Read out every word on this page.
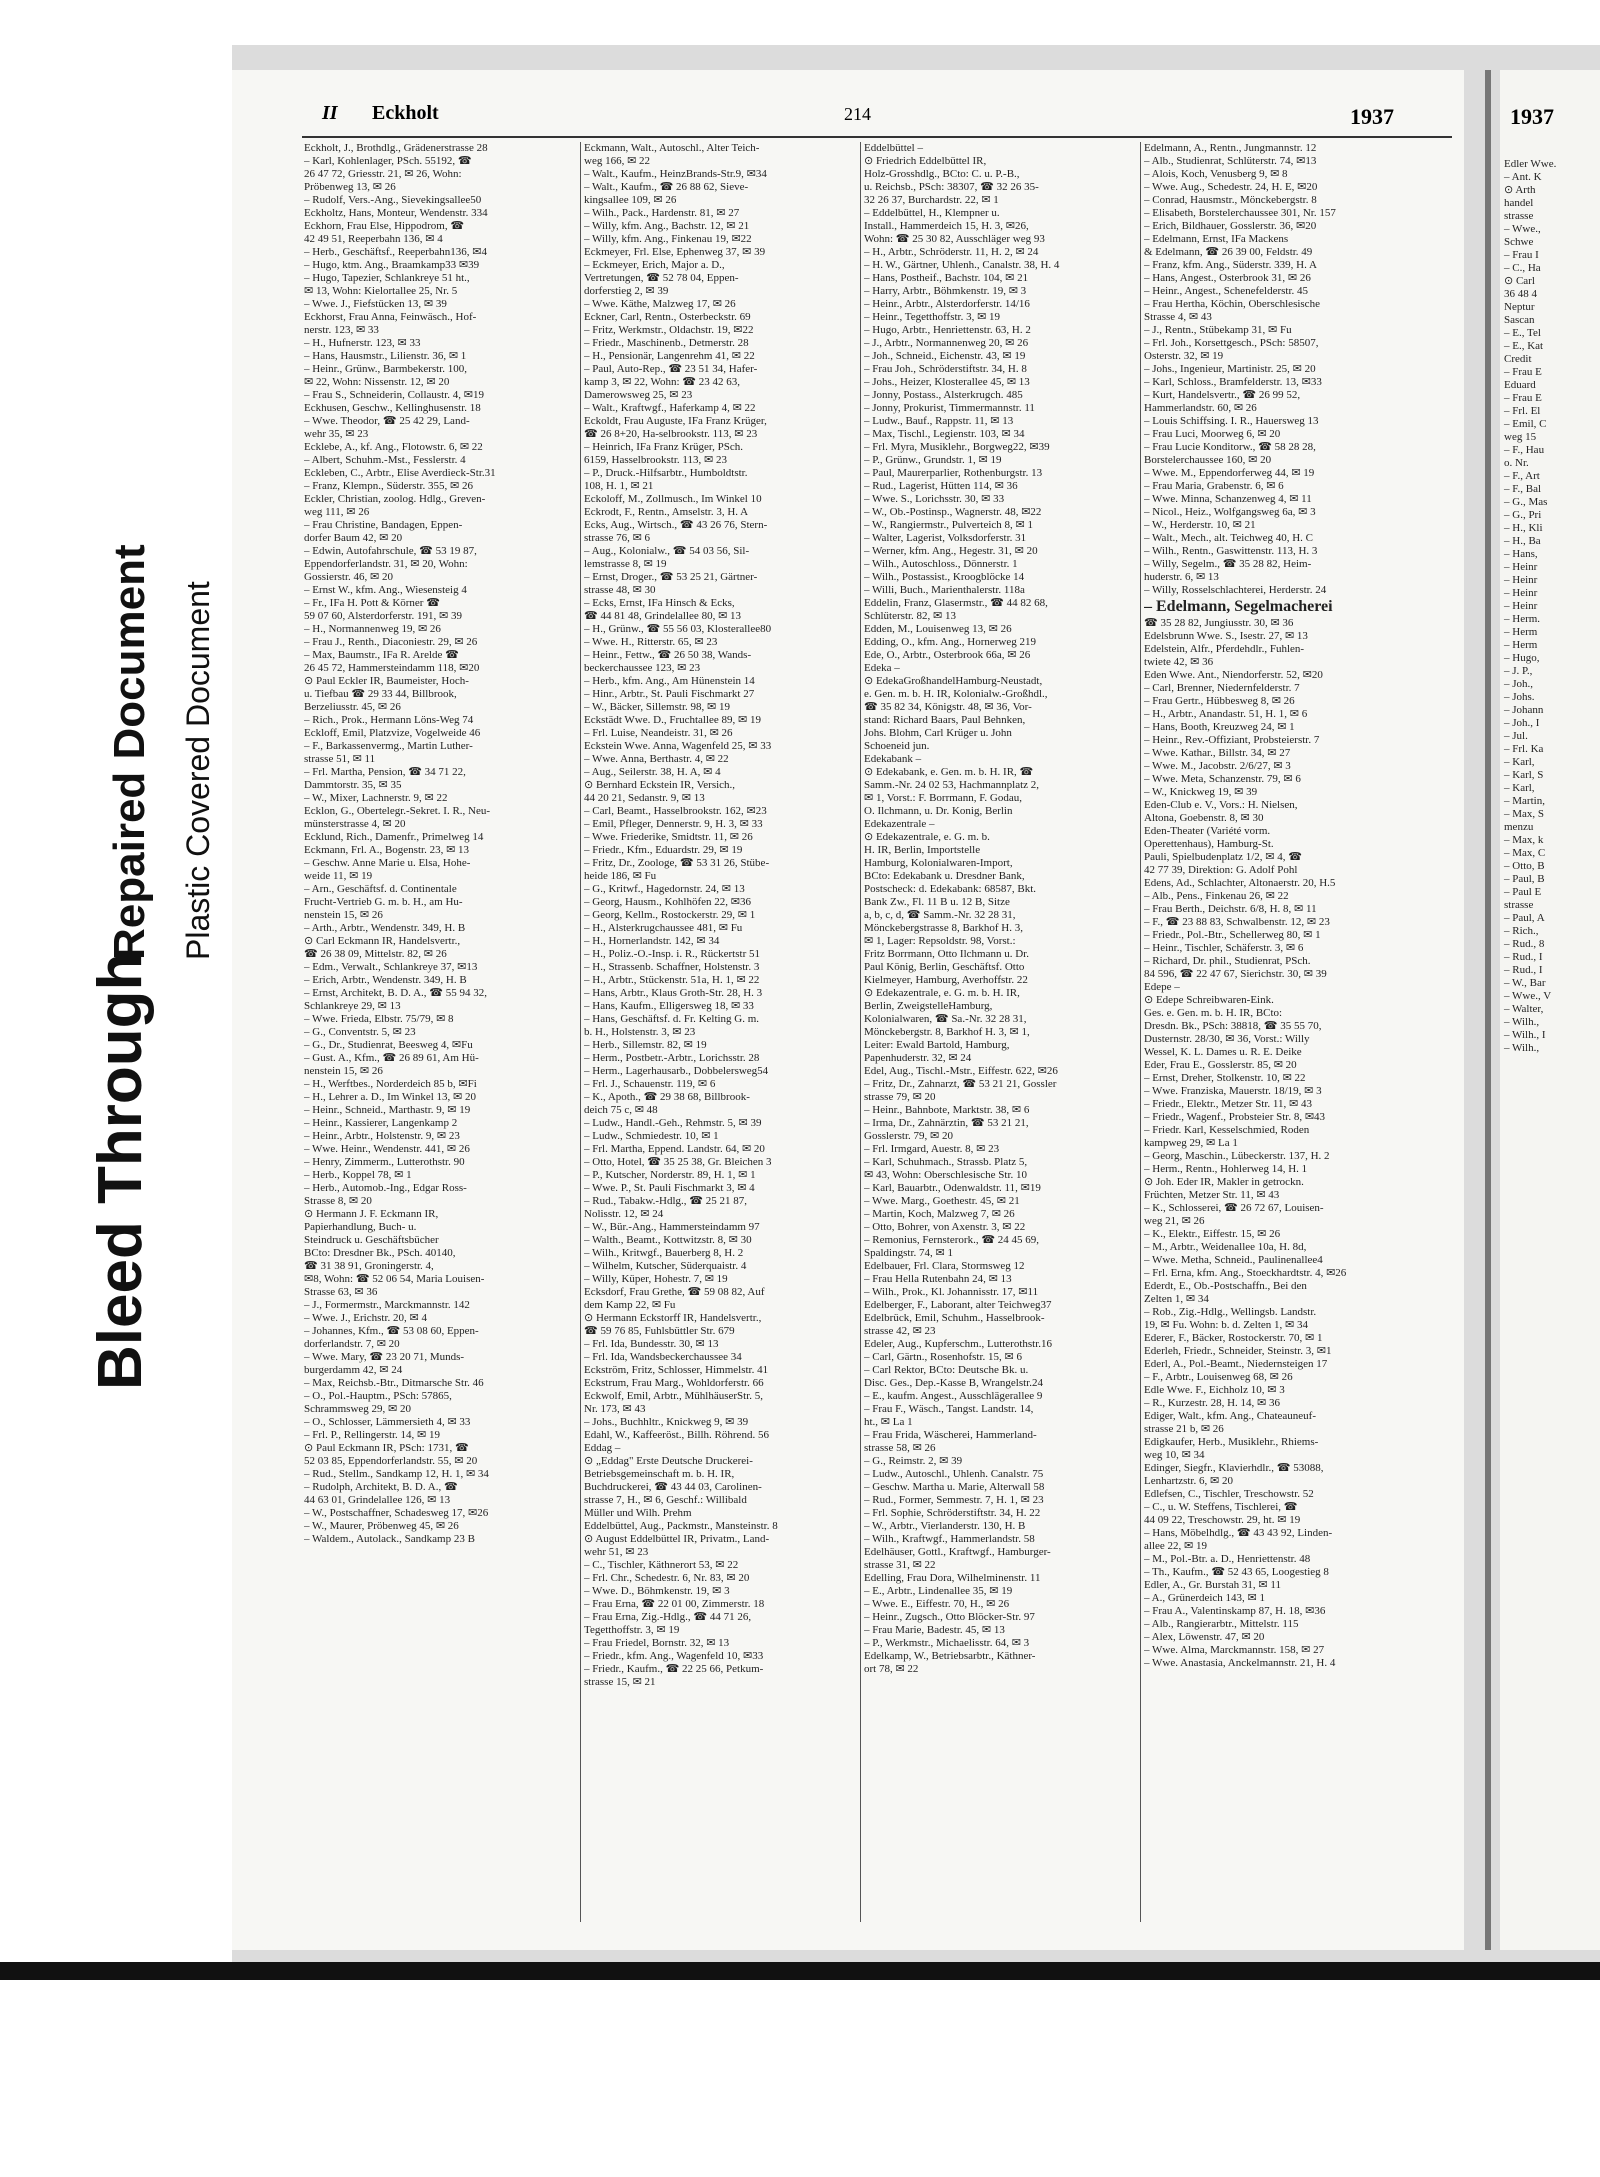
Bleed Through
Repaired Document Plastic Covered Document
II Eckholt	214	1937
Eckholt, J., Brothdlg., Grädenerstrasse 28
– Karl, Kohlenlager, PSch. 55192, ☎
26 47 72, Griesstr. 21, ✉ 26, Wohn:
Pröbenweg 13, ✉ 26
– Rudolf, Vers.-Ang., Sievekingsallee50
Eckholtz, Hans, Monteur, Wendenstr. 334
Eckhorn, Frau Else, Hippodrom, ☎
42 49 51, Reeperbahn 136, ✉ 4
– Herb., Geschäftsf., Reeperbahn136, ✉4
– Hugo, ktm. Ang., Braamkamp33 ✉39
– Hugo, Tapezier, Schlankreye 51 ht.,
✉ 13, Wohn: Kielortallee 25, Nr. 5
– Wwe. J., Fiefstücken 13, ✉ 39
Eckhorst, Frau Anna, Feinwäsch., Hof-
nerstr. 123, ✉ 33
– H., Hufnerstr. 123, ✉ 33
– Hans, Hausmstr., Lilienstr. 36, ✉ 1
– Heinr., Grünw., Barmbekerstr. 100,
✉ 22, Wohn: Nissenstr. 12, ✉ 20
– Frau S., Schneiderin, Collaustr. 4, ✉19
Eckhusen, Geschw., Kellinghusenstr. 18
– Wwe. Theodor, ☎ 25 42 29, Land-
wehr 35, ✉ 23
Ecklebe, A., kf. Ang., Flotowstr. 6, ✉ 22
– Albert, Schuhm.-Mst., Fesslerstr. 4
Eckleben, C., Arbtr., Elise Averdieck-Str.31
– Franz, Klempn., Süderstr. 355, ✉ 26
Eckler, Christian, zoolog. Hdlg., Greven-
weg 111, ✉ 26
– Frau Christine, Bandagen, Eppen-
dorfer Baum 42, ✉ 20
– Edwin, Autofahrschule, ☎ 53 19 87,
Eppendorferlandstr. 31, ✉ 20, Wohn:
Gossierstr. 46, ✉ 20
– Ernst W., kfm. Ang., Wiesensteig 4
– Fr., IFa H. Pott & Körner ☎
59 07 60, Alsterdorferstr. 191, ✉ 39
– H., Normannenweg 19, ✉ 26
– Frau J., Renth., Diaconiestr. 29, ✉ 26
– Max, Baumstr., IFa R. Arelde ☎
26 45 72, Hammersteindamm 118, ✉20
⊙ Paul Eckler IR, Baumeister, Hoch-
u. Tiefbau ☎ 29 33 44, Billbrook,
Berzeliusstr. 45, ✉ 26
– Rich., Prok., Hermann Löns-Weg 74
Eckloff, Emil, Platzvize, Vogelweide 46
– F., Barkassenvermg., Martin Luther-
strasse 51, ✉ 11
– Frl. Martha, Pension, ☎ 34 71 22,
Dammtorstr. 35, ✉ 35
– W., Mixer, Lachnerstr. 9, ✉ 22
Ecklon, G., Obertelegr.-Sekret. I. R., Neu-
münsterstrasse 4, ✉ 20
Ecklund, Rich., Damenfr., Primelweg 14
Eckmann, Frl. A., Bogenstr. 23, ✉ 13
– Geschw. Anne Marie u. Elsa, Hohe-
weide 11, ✉ 19
– Arn., Geschäftsf. d. Continentale
Frucht-Vertrieb G. m. b. H., am Hu-
nenstein 15, ✉ 26
– Arth., Arbtr., Wendenstr. 349, H. B
⊙ Carl Eckmann IR, Handelsvertr.,
☎ 26 38 09, Mittelstr. 82, ✉ 26
– Edm., Verwalt., Schlankreye 37, ✉13
– Erich, Arbtr., Wendenstr. 349, H. B
– Ernst, Architekt, B. D. A., ☎ 55 94 32,
Schlankreye 29, ✉ 13
– Wwe. Frieda, Elbstr. 75/79, ✉ 8
– G., Conventstr. 5, ✉ 23
– G., Dr., Studienrat, Beesweg 4, ✉Fu
– Gust. A., Kfm., ☎ 26 89 61, Am Hü-
nenstein 15, ✉ 26
– H., Werftbes., Norderdeich 85 b, ✉Fi
– H., Lehrer a. D., Im Winkel 13, ✉ 20
– Heinr., Schneid., Marthastr. 9, ✉ 19
– Heinr., Kassierer, Langenkamp 2
– Heinr., Arbtr., Holstenstr. 9, ✉ 23
– Wwe. Heinr., Wendenstr. 441, ✉ 26
– Henry, Zimmerm., Lutterothstr. 90
– Herb., Koppel 78, ✉ 1
– Herb., Automob.-Ing., Edgar Ross-
Strasse 8, ✉ 20
⊙ Hermann J. F. Eckmann IR,
Papierhandlung, Buch- u.
Steindruck u. Geschäftsbücher
BCto: Dresdner Bk., PSch. 40140,
☎ 31 38 91, Groningerstr. 4,
✉8, Wohn: ☎ 52 06 54, Maria Louisen-
Strasse 63, ✉ 36
– J., Formermstr., Marckmannstr. 142
– Wwe. J., Erichstr. 20, ✉ 4
– Johannes, Kfm., ☎ 53 08 60, Eppen-
dorferlandstr. 7, ✉ 20
– Wwe. Mary, ☎ 23 20 71, Munds-
burgerdamm 42, ✉ 24
– Max, Reichsb.-Btr., Ditmarsche Str. 46
– O., Pol.-Hauptm., PSch: 57865,
Schrammsweg 29, ✉ 20
– O., Schlosser, Lämmersieth 4, ✉ 33
– Frl. P., Rellingerstr. 14, ✉ 19
⊙ Paul Eckmann IR, PSch: 1731, ☎
52 03 85, Eppendorferlandstr. 55, ✉ 20
– Rud., Stellm., Sandkamp 12, H. 1, ✉ 34
– Rudolph, Architekt, B. D. A., ☎
44 63 01, Grindelallee 126, ✉ 13
– W., Postschaffner, Schadesweg 17, ✉26
– W., Maurer, Pröbenweg 45, ✉ 26
– Waldem., Autolack., Sandkamp 23 B
Eckmann, Walt., Autoschl., Alter Teich-
weg 166, ✉ 22
– Walt., Kaufm., HeinzBrands-Str.9, ✉34
– Walt., Kaufm., ☎ 26 88 62, Sieve-
kingsallee 109, ✉ 26
– Wilh., Pack., Hardenstr. 81, ✉ 27
– Willy, kfm. Ang., Bachstr. 12, ✉ 21
– Willy, kfm. Ang., Finkenau 19, ✉22
Eckmeyer, Frl. Else, Ephenweg 37, ✉ 39
– Eckmeyer, Erich, Major a. D.,
Vertretungen, ☎ 52 78 04, Eppen-
dorferstieg 2, ✉ 39
– Wwe. Käthe, Malzweg 17, ✉ 26
Eckner, Carl, Rentn., Osterbeckstr. 69
– Fritz, Werkmstr., Oldachstr. 19, ✉22
– Friedr., Maschinenb., Detmerstr. 28
– H., Pensionär, Langenrehm 41, ✉ 22
– Paul, Auto-Rep., ☎ 23 51 34, Hafer-
kamp 3, ✉ 22, Wohn: ☎ 23 42 63,
Damerowsweg 25, ✉ 23
– Walt., Kraftwgf., Haferkamp 4, ✉ 22
Eckoldt, Frau Auguste, IFa Franz Krüger,
☎ 26 8+20, Ha-selbrookstr. 113, ✉ 23
– Heinrich, IFa Franz Krüger, PSch.
6159, Hasselbrookstr. 113, ✉ 23
– P., Druck.-Hilfsarbtr., Humboldtstr.
108, H. 1, ✉ 21
Eckoloff, M., Zollmusch., Im Winkel 10
Eckrodt, F., Rentn., Amselstr. 3, H. A
Ecks, Aug., Wirtsch., ☎ 43 26 76, Stern-
strasse 76, ✉ 6
– Aug., Kolonialw., ☎ 54 03 56, Sil-
lemstrasse 8, ✉ 19
– Ernst, Droger., ☎ 53 25 21, Gärtner-
strasse 48, ✉ 30
– Ecks, Ernst, IFa Hinsch & Ecks,
☎ 44 81 48, Grindelallee 80, ✉ 13
– H., Grünw., ☎ 55 56 03, Klosterallee80
– Wwe. H., Ritterstr. 65, ✉ 23
– Heinr., Fettw., ☎ 26 50 38, Wands-
beckerchaussee 123, ✉ 23
– Herb., kfm. Ang., Am Hünenstein 14
– Hinr., Arbtr., St. Pauli Fischmarkt 27
– W., Bäcker, Sillemstr. 98, ✉ 19
Eckstädt Wwe. D., Fruchtallee 89, ✉ 19
– Frl. Luise, Neandeistr. 31, ✉ 26
Eckstein Wwe. Anna, Wagenfeld 25, ✉ 33
– Wwe. Anna, Berthastr. 4, ✉ 22
– Aug., Seilerstr. 38, H. A, ✉ 4
⊙ Bernhard Eckstein IR, Versich.,
44 20 21, Sedanstr. 9, ✉ 13
– Carl, Beamt., Hasselbrookstr. 162, ✉23
– Emil, Pfleger, Dennerstr. 9, H. 3, ✉ 33
– Wwe. Friederike, Smidtstr. 11, ✉ 26
– Friedr., Kfm., Eduardstr. 29, ✉ 19
– Fritz, Dr., Zoologe, ☎ 53 31 26, Stübe-
heide 186, ✉ Fu
– G., Kritwf., Hagedornstr. 24, ✉ 13
– Georg, Hausm., Kohlhöfen 22, ✉36
– Georg, Kellm., Rostockerstr. 29, ✉ 1
– H., Alsterkrugchaussee 481, ✉ Fu
– H., Hornerlandstr. 142, ✉ 34
– H., Poliz.-O.-Insp. i. R., Rückertstr 51
– H., Strassenb. Schaffner, Holstenstr. 3
– H., Arbtr., Stückenstr. 51a, H. 1, ✉ 22
– Hans, Arbtr., Klaus Groth-Str. 28, H. 3
– Hans, Kaufm., Elligersweg 18, ✉ 33
– Hans, Geschäftsf. d. Fr. Kelting G. m.
b. H., Holstenstr. 3, ✉ 23
– Herb., Sillemstr. 82, ✉ 19
– Herm., Postbetr.-Arbtr., Lorichsstr. 28
– Herm., Lagerhausarb., Dobbelersweg54
– Frl. J., Schauenstr. 119, ✉ 6
– K., Apoth., ☎ 29 38 68, Billbrook-
deich 75 c, ✉ 48
– Ludw., Handl.-Geh., Rehmstr. 5, ✉ 39
– Ludw., Schmiedestr. 10, ✉ 1
– Frl. Martha, Eppend. Landstr. 64, ✉ 20
– Otto, Hotel, ☎ 35 25 38, Gr. Bleichen 3
– P., Kutscher, Norderstr. 89, H. 1, ✉ 1
– Wwe. P., St. Pauli Fischmarkt 3, ✉ 4
– Rud., Tabakw.-Hdlg., ☎ 25 21 87,
Nolisstr. 12, ✉ 24
– W., Bür.-Ang., Hammersteindamm 97
– Walth., Beamt., Kottwitzstr. 8, ✉ 30
– Wilh., Kritwgf., Bauerberg 8, H. 2
– Wilhelm, Kutscher, Süderquaistr. 4
– Willy, Küper, Hohestr. 7, ✉ 19
Ecksdorf, Frau Grethe, ☎ 59 08 82, Auf
dem Kamp 22, ✉ Fu
⊙ Hermann Eckstorff IR, Handelsvertr.,
☎ 59 76 85, Fuhlsbüttler Str. 679
– Frl. Ida, Bundesstr. 30, ✉ 13
– Frl. Ida, Wandsbeckerchaussee 34
Eckström, Fritz, Schlosser, Himmelstr. 41
Eckstrum, Frau Marg., Wohldorferstr. 66
Eckwolf, Emil, Arbtr., MühlhäuserStr. 5,
Nr. 173, ✉ 43
– Johs., Buchhltr., Knickweg 9, ✉ 39
Edahl, W., Kaffeeröst., Billh. Röhrend. 56
Eddag –
⊙ „Eddag" Erste Deutsche Druckerei-
Betriebsgemeinschaft m. b. H. IR,
Buchdruckerei, ☎ 43 44 03, Carolinen-
strasse 7, H., ✉ 6, Geschf.: Willibald
Müller und Wilh. Prehm
Eddelbüttel, Aug., Packmstr., Mansteinstr. 8
⊙ August Eddelbüttel IR, Privatm., Land-
wehr 51, ✉ 23
– C., Tischler, Käthnerort 53, ✉ 22
– Frl. Chr., Schedestr. 6, Nr. 83, ✉ 20
– Wwe. D., Böhmkenstr. 19, ✉ 3
– Frau Erna, ☎ 22 01 00, Zimmerstr. 18
– Frau Erna, Zig.-Hdlg., ☎ 44 71 26,
Tegetthoffstr. 3, ✉ 19
– Frau Friedel, Bornstr. 32, ✉ 13
– Friedr., kfm. Ang., Wagenfeld 10, ✉33
– Friedr., Kaufm., ☎ 22 25 66, Petkum-
strasse 15, ✉ 21
Eddelbüttel –
⊙ Friedrich Eddelbüttel IR,
Holz-Grosshdlg., BCto: C. u. P.-B.,
u. Reichsb., PSch: 38307, ☎ 32 26 35-
32 26 37, Burchardstr. 22, ✉ 1
– Eddelbüttel, H., Klempner u.
Install., Hammerdeich 15, H. 3, ✉26,
Wohn: ☎ 25 30 82, Ausschläger weg 93
– H., Arbtr., Schröderstr. 11, H. 2, ✉ 24
– H. W., Gärtner, Uhlenh., Canalstr. 38, H. 4
– Hans, Postheif., Bachstr. 104, ✉ 21
– Harry, Arbtr., Böhmkenstr. 19, ✉ 3
– Heinr., Arbtr., Alsterdorferstr. 14/16
– Heinr., Tegetthoffstr. 3, ✉ 19
– Hugo, Arbtr., Henriettenstr. 63, H. 2
– J., Arbtr., Normannenweg 20, ✉ 26
– Joh., Schneid., Eichenstr. 43, ✉ 19
– Frau Joh., Schröderstiftstr. 34, H. 8
– Johs., Heizer, Klosterallee 45, ✉ 13
– Jonny, Postass., Alsterkrugch. 485
– Jonny, Prokurist, Timmermannstr. 11
– Ludw., Bauf., Rappstr. 11, ✉ 13
– Max, Tischl., Legienstr. 103, ✉ 34
– Frl. Myra, Musiklehr., Borgweg22, ✉39
– P., Grünw., Grundstr. 1, ✉ 19
– Paul, Maurerparlier, Rothenburgstr. 13
– Rud., Lagerist, Hütten 114, ✉ 36
– Wwe. S., Lorichsstr. 30, ✉ 33
– W., Ob.-Postinsp., Wagnerstr. 48, ✉22
– W., Rangiermstr., Pulverteich 8, ✉ 1
– Walter, Lagerist, Volksdorferstr. 31
– Werner, kfm. Ang., Hegestr. 31, ✉ 20
– Wilh., Autoschloss., Dönnerstr. 1
– Wilh., Postassist., Kroogblöcke 14
– Willi, Buch., Marienthalerstr. 118a
Eddelin, Franz, Glasermstr., ☎ 44 82 68,
Schlüterstr. 82, ✉ 13
Edden, M., Louisenweg 13, ✉ 26
Edding, O., kfm. Ang., Hornerweg 219
Ede, O., Arbtr., Osterbrook 66a, ✉ 26
Edeka –
⊙ EdekaGroßhandelHamburg-Neustadt,
e. Gen. m. b. H. IR, Kolonialw.-Großhdl.,
☎ 35 82 34, Königstr. 48, ✉ 36, Vor-
stand: Richard Baars, Paul Behnken,
Johs. Blohm, Carl Krüger u. John
Schoeneid jun.
Edekabank –
⊙ Edekabank, e. Gen. m. b. H. IR, ☎
Samm.-Nr. 24 02 53, Hachmannplatz 2,
✉ 1, Vorst.: F. Borrmann, F. Godau,
O. Ilchmann, u. Dr. Konig, Berlin
Edekazentrale –
⊙ Edekazentrale, e. G. m. b.
H. IR, Berlin, Importstelle
Hamburg, Kolonialwaren-Import,
BCto: Edekabank u. Dresdner Bank,
Postscheck: d. Edekabank: 68587, Bkt.
Bank Zw., Fl. 11 B u. 12 B, Sitze
a, b, c, d, ☎ Samm.-Nr. 32 28 31,
Mönckebergstrasse 8, Barkhof H. 3,
✉ 1, Lager: Repsoldstr. 98, Vorst.:
Fritz Borrmann, Otto Ilchmann u. Dr.
Paul König, Berlin, Geschäftsf. Otto
Kielmeyer, Hamburg, Averhoffstr. 22
⊙ Edekazentrale, e. G. m. b. H. IR,
Berlin, ZweigstelleHamburg,
Kolonialwaren, ☎ Sa.-Nr. 32 28 31,
Mönckebergstr. 8, Barkhof H. 3, ✉ 1,
Leiter: Ewald Bartold, Hamburg,
Papenhuderstr. 32, ✉ 24
Edel, Aug., Tischl.-Mstr., Eiffestr. 622, ✉26
– Fritz, Dr., Zahnarzt, ☎ 53 21 21, Gossler
strasse 79, ✉ 20
– Heinr., Bahnbote, Marktstr. 38, ✉ 6
– Irma, Dr., Zahnärztin, ☎ 53 21 21,
Gosslerstr. 79, ✉ 20
– Frl. Irmgard, Auestr. 8, ✉ 23
– Karl, Schuhmach., Strassb. Platz 5,
✉ 43, Wohn: Oberschlesische Str. 10
– Karl, Bauarbtr., Odenwaldstr. 11, ✉19
– Wwe. Marg., Goethestr. 45, ✉ 21
– Martin, Koch, Malzweg 7, ✉ 26
– Otto, Bohrer, von Axenstr. 3, ✉ 22
– Remonius, Fernsterork., ☎ 24 45 69,
Spaldingstr. 74, ✉ 1
Edelbauer, Frl. Clara, Stormsweg 12
– Frau Hella Rutenbahn 24, ✉ 13
– Wilh., Prok., Kl. Johannisstr. 17, ✉11
Edelberger, F., Laborant, alter Teichweg37
Edelbrück, Emil, Schuhm., Hasselbrook-
strasse 42, ✉ 23
Edeler, Aug., Kupferschm., Lutterothstr.16
– Carl, Gärtn., Rosenhofstr. 15, ✉ 6
– Carl Rektor, BCto: Deutsche Bk. u.
Disc. Ges., Dep.-Kasse B, Wrangelstr.24
– E., kaufm. Angest., Ausschlägerallee 9
– Frau F., Wäsch., Tangst. Landstr. 14,
ht., ✉ La 1
– Frau Frida, Wäscherei, Hammerland-
strasse 58, ✉ 26
– G., Reimstr. 2, ✉ 39
– Ludw., Autoschl., Uhlenh. Canalstr. 75
– Geschw. Martha u. Marie, Alterwall 58
– Rud., Former, Semmestr. 7, H. 1, ✉ 23
– Frl. Sophie, Schröderstiftstr. 34, H. 22
– W., Arbtr., Vierlanderstr. 130, H. B
– Wilh., Kraftwgf., Hammerlandstr. 58
Edelhäuser, Gottl., Kraftwgf., Hamburger-
strasse 31, ✉ 22
Edelling, Frau Dora, Wilhelminenstr. 11
– E., Arbtr., Lindenallee 35, ✉ 19
– Wwe. E., Eiffestr. 70, H., ✉ 26
– Heinr., Zugsch., Otto Blöcker-Str. 97
– Frau Marie, Badestr. 45, ✉ 13
– P., Werkmstr., Michaelisstr. 64, ✉ 3
Edelkamp, W., Betriebsarbtr., Käthner-
ort 78, ✉ 22
Edelmann, A., Rentn., Jungmannstr. 12
– Alb., Studienrat, Schlüterstr. 74, ✉13
– Alois, Koch, Venusberg 9, ✉ 8
– Wwe. Aug., Schedestr. 24, H. E, ✉20
– Conrad, Hausmstr., Mönckebergstr. 8
– Elisabeth, Borstelerchaussee 301, Nr. 157
– Erich, Bildhauer, Gosslerstr. 36, ✉20
– Edelmann, Ernst, IFa Mackens
& Edelmann, ☎ 26 39 00, Feldstr. 49
– Franz, kfm. Ang., Süderstr. 339, H. A
– Hans, Angest., Osterbrook 31, ✉ 26
– Heinr., Angest., Schenefelderstr. 45
– Frau Hertha, Köchin, Oberschlesische
Strasse 4, ✉ 43
– J., Rentn., Stübekamp 31, ✉ Fu
– Frl. Joh., Korsettgesch., PSch: 58507,
Osterstr. 32, ✉ 19
– Johs., Ingenieur, Martinistr. 25, ✉ 20
– Karl, Schloss., Bramfelderstr. 13, ✉33
– Kurt, Handelsvertr., ☎ 26 99 52,
Hammerlandstr. 60, ✉ 26
– Louis Schiffsing. I. R., Hauersweg 13
– Frau Luci, Moorweg 6, ✉ 20
– Frau Lucie Konditorw., ☎ 58 28 28,
Borstelerchaussee 160, ✉ 20
– Wwe. M., Eppendorferweg 44, ✉ 19
– Frau Maria, Grabenstr. 6, ✉ 6
– Wwe. Minna, Schanzenweg 4, ✉ 11
– Nicol., Heiz., Wolfgangsweg 6a, ✉ 3
– W., Herderstr. 10, ✉ 21
– Walt., Mech., alt. Teichweg 40, H. C
– Wilh., Rentn., Gaswittenstr. 113, H. 3
– Willy, Segelm., ☎ 35 28 82, Heim-
huderstr. 6, ✉ 13
– Willy, Rosselschlachterei, Herderstr. 24
– Edelmann, Segelmacherei
☎ 35 28 82, Jungiusstr. 30, ✉ 36
Edelsbrunn Wwe. S., Isestr. 27, ✉ 13
Edelstein, Alfr., Pferdehdlr., Fuhlen-
twiete 42, ✉ 36
Eden Wwe. Ant., Niendorferstr. 52, ✉20
– Carl, Brenner, Niedernfelderstr. 7
– Frau Gertr., Hübbesweg 8, ✉ 26
– H., Arbtr., Anandastr. 51, H. 1, ✉ 6
– Hans, Booth, Kreuzweg 24, ✉ 1
– Heinr., Rev.-Offiziant, Probsteierstr. 7
– Wwe. Kathar., Billstr. 34, ✉ 27
– Wwe. M., Jacobstr. 2/6/27, ✉ 3
– Wwe. Meta, Schanzenstr. 79, ✉ 6
– W., Knickweg 19, ✉ 39
Eden-Club e. V., Vors.: H. Nielsen,
Altona, Goebenstr. 8, ✉ 30
Eden-Theater (Variété vorm.
Operettenhaus), Hamburg-St.
Pauli, Spielbudenplatz 1/2, ✉ 4, ☎
42 77 39, Direktion: G. Adolf Pohl
Edens, Ad., Schlachter, Altonaerstr. 20, H.5
– Alb., Pens., Finkenau 26, ✉ 22
– Frau Berth., Deichstr. 6/8, H. 8, ✉ 11
– F., ☎ 23 88 83, Schwalbenstr. 12, ✉ 23
– Friedr., Pol.-Btr., Schellerweg 80, ✉ 1
– Heinr., Tischler, Schäferstr. 3, ✉ 6
– Richard, Dr. phil., Studienrat, PSch.
84 596, ☎ 22 47 67, Sierichstr. 30, ✉ 39
Edepe –
⊙ Edepe Schreibwaren-Eink.
Ges. e. Gen. m. b. H. IR, BCto:
Dresdn. Bk., PSch: 38818, ☎ 35 55 70,
Dusternstr. 28/30, ✉ 36, Vorst.: Willy
Wessel, K. L. Dames u. R. E. Deike
Eder, Frau E., Gosslerstr. 85, ✉ 20
– Ernst, Dreher, Stolkenstr. 10, ✉ 22
– Wwe. Franziska, Mauerstr. 18/19, ✉ 3
– Friedr., Elektr., Metzer Str. 11, ✉ 43
– Friedr., Wagenf., Probsteier Str. 8, ✉43
– Friedr. Karl, Kesselschmied, Roden
kampweg 29, ✉ La 1
– Georg, Maschin., Lübeckerstr. 137, H. 2
– Herm., Rentn., Hohlerweg 14, H. 1
⊙ Joh. Eder IR, Makler in getrockn.
Früchten, Metzer Str. 11, ✉ 43
– K., Schlosserei, ☎ 26 72 67, Louisen-
weg 21, ✉ 26
– K., Elektr., Eiffestr. 15, ✉ 26
– M., Arbtr., Weidenallee 10a, H. 8d,
– Wwe. Metha, Schneid., Paulinenallee4
– Frl. Erna, kfm. Ang., Stoeckhardtstr. 4, ✉26
Ederdt, E., Ob.-Postschaffn., Bei den
Zelten 1, ✉ 34
– Rob., Zig.-Hdlg., Wellingsb. Landstr.
19, ✉ Fu. Wohn: b. d. Zelten 1, ✉ 34
Ederer, F., Bäcker, Rostockerstr. 70, ✉ 1
Ederleh, Friedr., Schneider, Steinstr. 3, ✉1
Ederl, A., Pol.-Beamt., Niedernsteigen 17
– F., Arbtr., Louisenweg 68, ✉ 26
Edle Wwe. F., Eichholz 10, ✉ 3
– R., Kurzestr. 28, H. 14, ✉ 36
Ediger, Walt., kfm. Ang., Chateauneuf-
strasse 21 b, ✉ 26
Edigkaufer, Herb., Musiklehr., Rhiems-
weg 10, ✉ 34
Edinger, Siegfr., Klavierhdlr., ☎ 53088,
Lenhartzstr. 6, ✉ 20
Edlefsen, C., Tischler, Treschowstr. 52
– C., u. W. Steffens, Tischlerei, ☎
44 09 22, Treschowstr. 29, ht. ✉ 19
– Hans, Möbelhdlg., ☎ 43 43 92, Linden-
allee 22, ✉ 19
– M., Pol.-Btr. a. D., Henriettenstr. 48
– Th., Kaufm., ☎ 52 43 65, Loogestieg 8
Edler, A., Gr. Burstah 31, ✉ 11
– A., Grünerdeich 143, ✉ 1
– Frau A., Valentinskamp 87, H. 18, ✉36
– Alb., Rangierarbtr., Mittelstr. 115
– Alex, Löwenstr. 47, ✉ 20
– Wwe. Alma, Marckmannstr. 158, ✉ 27
– Wwe. Anastasia, Anckelmannstr. 21, H. 4
1937
Edler Wwe.
– Ant. K
⊙ Arth
handel
strasse
– Wwe.,
Schwe
– Frau I
– C., Ha
⊙ Carl
36 48 4
Neptur
Sascan
– E., Tel
– E., Kat
Credit
– Frau E
Eduard
– Frau E
– Frl. El
– Emil, C
weg 15
– F., Hau
o. Nr.
– F., Art
– F., Bal
– G., Mas
– G., Pri
– H., Kli
– H., Ba
– Hans,
– Heinr
– Heinr
– Heinr
– Heinr
– Herm.
– Herm
– Herm
– Hugo,
– J. P.,
– Joh.,
– Johs.
– Johann
– Joh., I
– Jul.
– Frl. Ka
– Karl,
– Karl, S
– Karl,
– Martin,
– Max, S
menzu
– Max, k
– Max, C
– Otto, B
– Paul, B
– Paul E
strasse
– Paul, A
– Rich.,
– Rud., 8
– Rud., I
– Rud., I
– W., Bar
– Wwe., V
– Walter,
– Wilh.,
– Wilh., I
– Wilh.,
